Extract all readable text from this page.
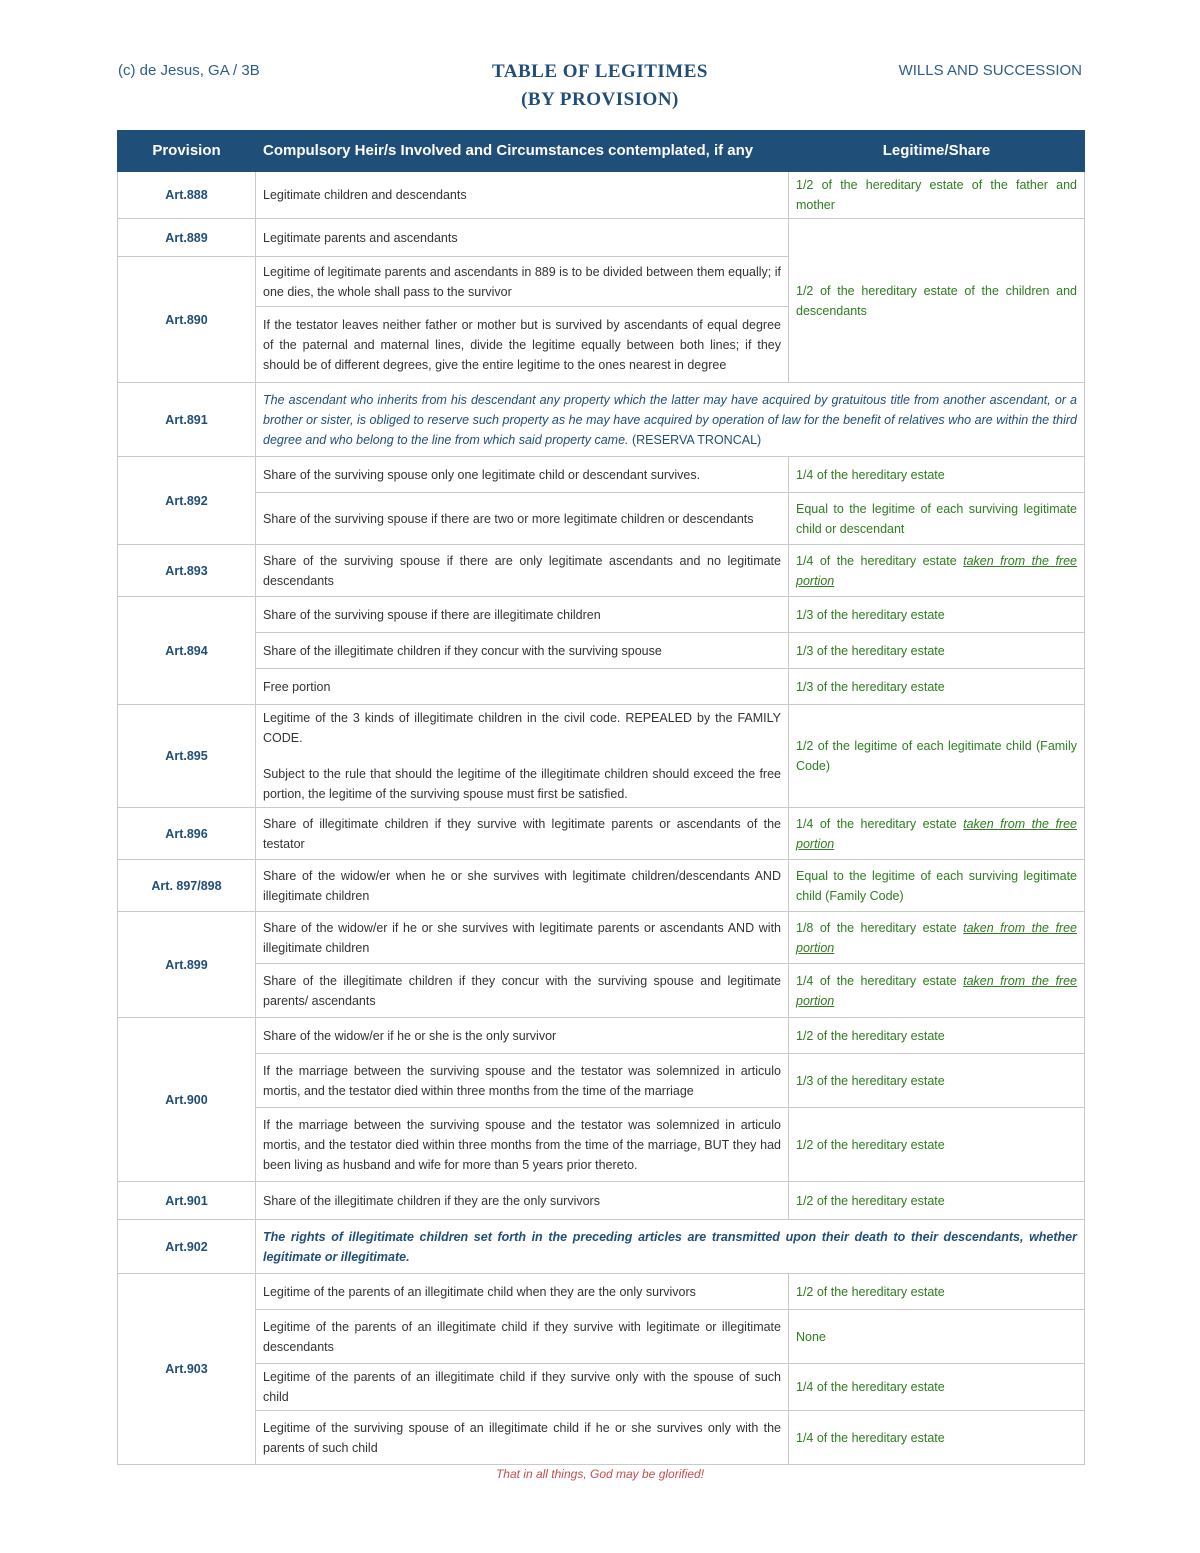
(c) de Jesus, GA / 3B	TABLE OF LEGITIMES
(BY PROVISION)
WILLS AND SUCCESSION
Provision	Compulsory Heir/s Involved and Circumstances contemplated, if any	Legitime/Share
Art.888	Legitimate children and descendants	1/2 of the hereditary estate of the father and mother
Art.889	Legitimate parents and ascendants	1/2 of the hereditary estate of the children and descendants
Art.890	Legitime of legitimate parents and ascendants in 889 is to be divided between them equally; if one dies, the whole shall pass to the survivor	
	If the testator leaves neither father or mother but is survived by ascendants of equal degree of the paternal and maternal lines, divide the legitime equally between both lines; if they should be of different degrees, give the entire legitime to the ones nearest in degree	
Art.891	The ascendant who inherits from his descendant any property which the latter may have acquired by gratuitous title from another ascendant, or a brother or sister, is obliged to reserve such property as he may have acquired by operation of law for the benefit of relatives who are within the third degree and who belong to the line from which said property came. (RESERVA TRONCAL)	
Art.892	Share of the surviving spouse only one legitimate child or descendant survives.	1/4 of the hereditary estate
	Share of the surviving spouse if there are two or more legitimate children or descendants	Equal to the legitime of each surviving legitimate child or descendant
Art.893	Share of the surviving spouse if there are only legitimate ascendants and no legitimate descendants	1/4 of the hereditary estate taken from the free portion
Art.894	Share of the surviving spouse if there are illegitimate children	1/3 of the hereditary estate
	Share of the illegitimate children if they concur with the surviving spouse	1/3 of the hereditary estate
	Free portion	1/3 of the hereditary estate
Art.895	Legitime of the 3 kinds of illegitimate children in the civil code. REPEALED by the FAMILY CODE.
Subject to the rule that should the legitime of the illegitimate children should exceed the free portion, the legitime of the surviving spouse must first be satisfied.	1/2 of the legitime of each legitimate child (Family Code)
Art.896	Share of illegitimate children if they survive with legitimate parents or ascendants of the testator	1/4 of the hereditary estate taken from the free portion
Art. 897/898	Share of the widow/er when he or she survives with legitimate children/descendants AND illegitimate children	Equal to the legitime of each surviving legitimate child (Family Code)
Art.899	Share of the widow/er if he or she survives with legitimate parents or ascendants AND with illegitimate children	1/8 of the hereditary estate taken from the free portion
	Share of the illegitimate children if they concur with the surviving spouse and legitimate parents/ ascendants	1/4 of the hereditary estate taken from the free portion
Art.900	Share of the widow/er if he or she is the only survivor	1/2 of the hereditary estate
	If the marriage between the surviving spouse and the testator was solemnized in articulo mortis, and the testator died within three months from the time of the marriage	1/3 of the hereditary estate
	If the marriage between the surviving spouse and the testator was solemnized in articulo mortis, and the testator died within three months from the time of the marriage, BUT they had been living as husband and wife for more than 5 years prior thereto.	1/2 of the hereditary estate
Art.901	Share of the illegitimate children if they are the only survivors	1/2 of the hereditary estate
Art.902	The rights of illegitimate children set forth in the preceding articles are transmitted upon their death to their descendants, whether legitimate or illegitimate.	
Art.903	Legitime of the parents of an illegitimate child when they are the only survivors	1/2 of the hereditary estate
	Legitime of the parents of an illegitimate child if they survive with legitimate or illegitimate descendants	None
	Legitime of the parents of an illegitimate child if they survive only with the spouse of such child	1/4 of the hereditary estate
	Legitime of the surviving spouse of an illegitimate child if he or she survives only with the parents of such child	1/4 of the hereditary estate
That in all things, God may be glorified!
